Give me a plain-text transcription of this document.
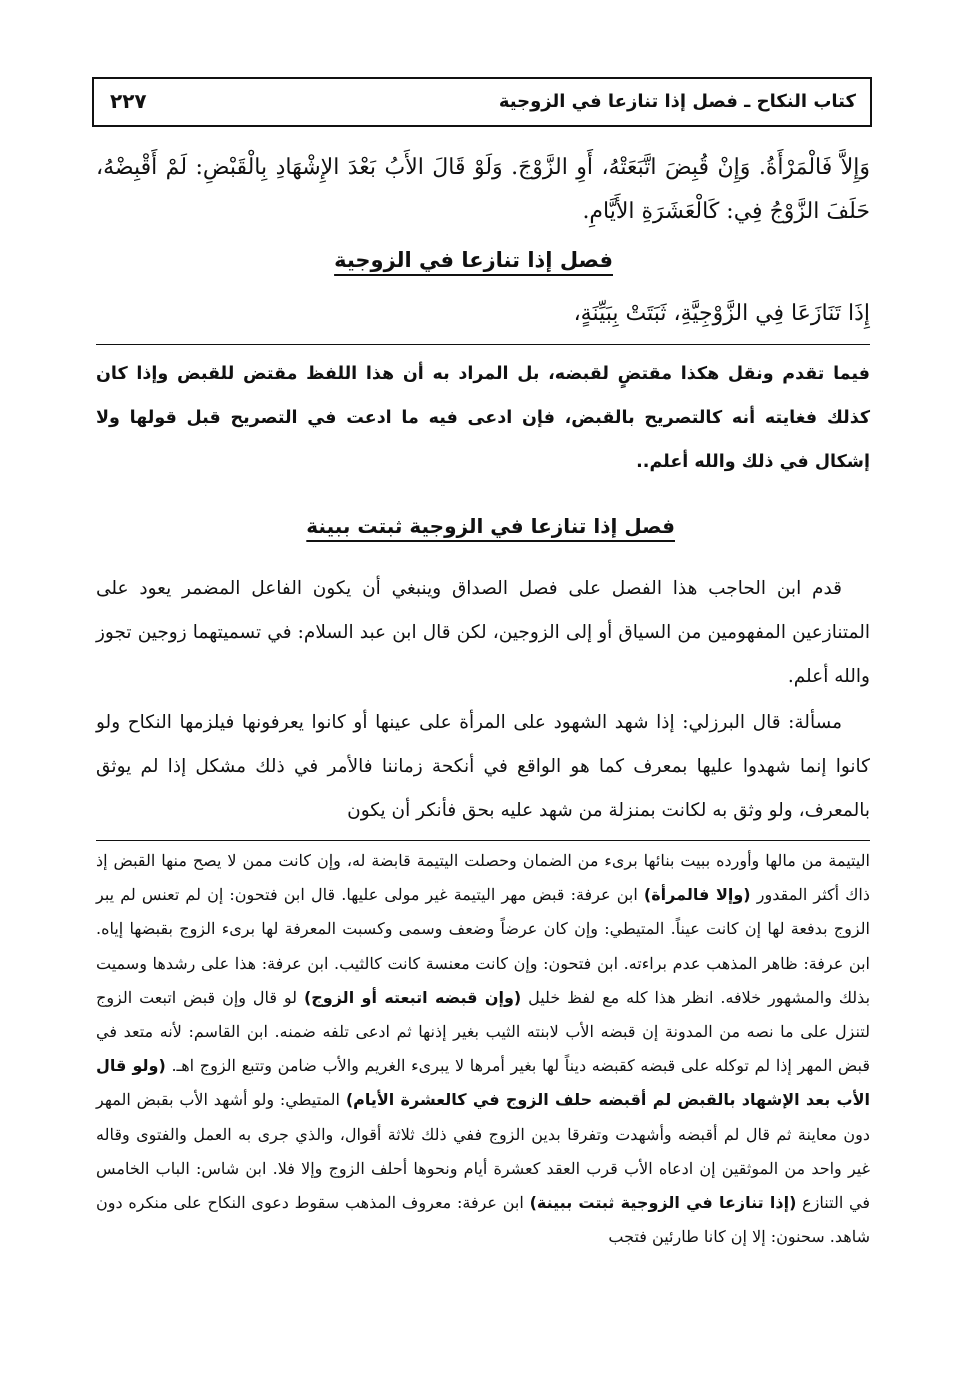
كتاب النكاح ـ فصل إذا تنازعا في الزوجية
٢٢٧
وَإِلاَّ فَالْمَرْأَةُ. وَإِنْ قُبِضَ اتَّبَعَتْهُ، أَوِ الزَّوْجَ. وَلَوْ قَالَ الأَبُ بَعْدَ الإِشْهَادِ بِالْقَبْضِ: لَمْ أَقْبِضْهُ، حَلَفَ الزَّوْجُ فِي: كَالْعَشَرَةِ الأَيَّامِ.
فصل إذا تنازعا في الزوجية
إِذَا تَنَازَعَا فِي الزَّوْجِيَّةِ، ثَبَتَتْ بِبَيِّنَةٍ،
فيما تقدم ونقل هكذا مقتضٍ لقبضه، بل المراد به أن هذا اللفظ مقتض للقبض وإذا كان كذلك فغايته أنه كالتصريح بالقبض، فإن ادعى فيه ما ادعت في التصريح قبل قولها ولا إشكال في ذلك والله أعلم..
فصل إذا تنازعا في الزوجية ثبتت ببينة
قدم ابن الحاجب هذا الفصل على فصل الصداق وينبغي أن يكون الفاعل المضمر يعود على المتنازعين المفهومين من السياق أو إلى الزوجين، لكن قال ابن عبد السلام: في تسميتهما زوجين تجوز والله أعلم.
مسألة: قال البرزلي: إذا شهد الشهود على المرأة على عينها أو كانوا يعرفونها فيلزمها النكاح ولو كانوا إنما شهدوا عليها بمعرف كما هو الواقع في أنكحة زماننا فالأمر في ذلك مشكل إذا لم يوثق بالمعرف، ولو وثق به لكانت بمنزلة من شهد عليه بحق فأنكر أن يكون
اليتيمة من مالها وأورده ببيت بنائها برىء من الضمان وحصلت اليتيمة قابضة له، وإن كانت ممن لا يصح منها القبض إذ ذاك أكثر المقدور (وإلا فالمرأة) ابن عرفة: قبض مهر اليتيمة غير مولى عليها. قال ابن فتحون: إن لم تعنس لم يبر الزوج بدفعة لها إن كانت عيناً. المتيطي: وإن كان عرضاً وضعف وسمى وكسبت المعرفة لها برىء الزوج بقبضها إياه. ابن عرفة: ظاهر المذهب عدم براءته. ابن فتحون: وإن كانت معنسة كانت كالثيب. ابن عرفة: هذا على رشدها وسميت بذلك والمشهور خلافه. انظر هذا كله مع لفظ خليل (وإن قبضه اتبعته أو الزوج) لو قال وإن قبض اتبعت الزوج لتنزل على ما نصه من المدونة إن قبضه الأب لابنته الثيب بغير إذنها ثم ادعى تلفه ضمنه. ابن القاسم: لأنه متعد في قبض المهر إذا لم توكله على قبضه كقبضه ديناً لها بغير أمرها لا يبرىء الغريم والأب ضامن وتتبع الزوج اهـ. (ولو قال الأب بعد الإشهاد بالقبض لم أقبضه حلف الزوج في كالعشرة الأيام) المتيطي: ولو أشهد الأب بقبض المهر دون معاينة ثم قال لم أقبضه وأشهدت وتفرقا بدين الزوج ففي ذلك ثلاثة أقوال، والذي جرى به العمل والفتوى وقاله غير واحد من الموثقين إن ادعاه الأب قرب العقد كعشرة أيام ونحوها أحلف الزوج وإلا فلا. ابن شاس: الباب الخامس في التنازع (إذا تنازعا في الزوجية ثبتت ببينة) ابن عرفة: معروف المذهب سقوط دعوى النكاح على منكره دون شاهد. سحنون: إلا إن كانا طارئين فتجب
